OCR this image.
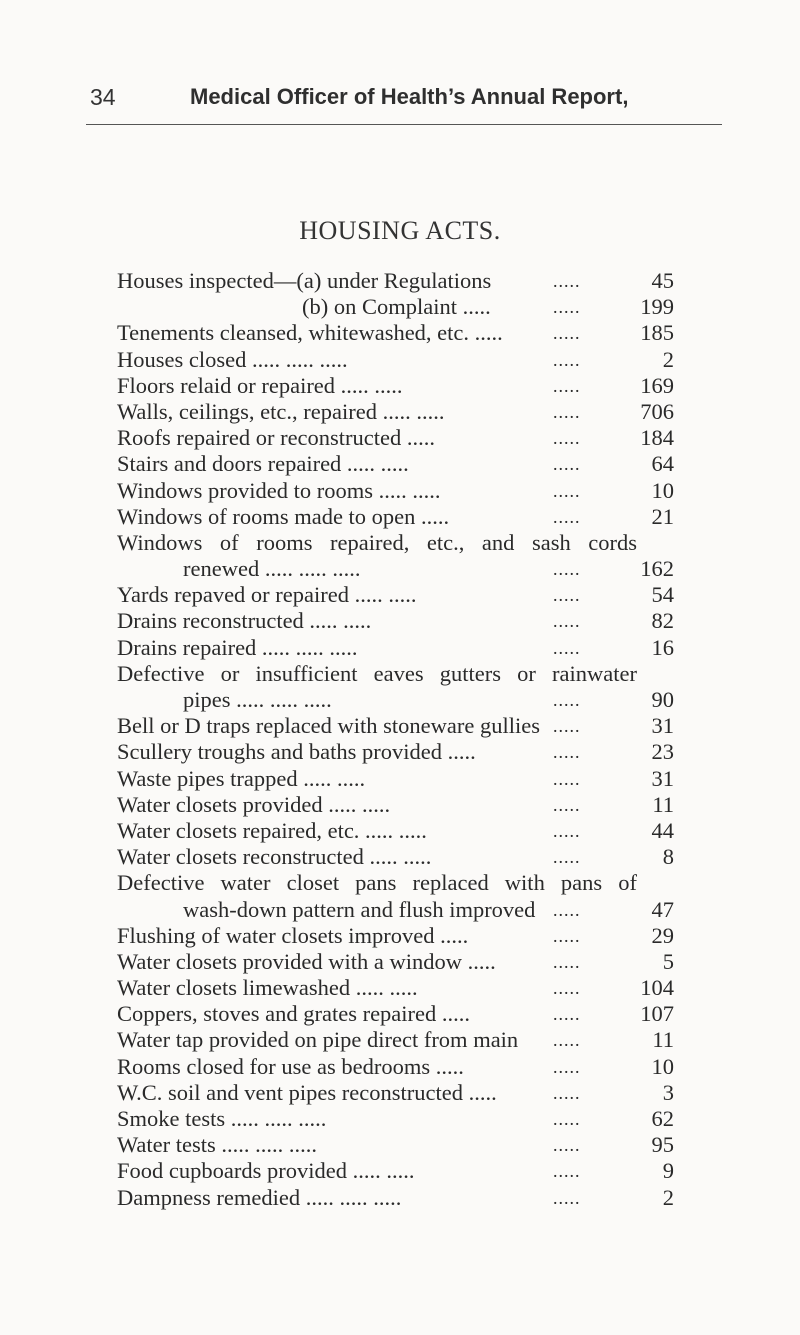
34	Medical Officer of Health’s Annual Report,
HOUSING ACTS.
Houses inspected—(a) under Regulations	.....	45
(b) on Complaint .....	.....	199
Tenements cleansed, whitewashed, etc. .....	.....	185
Houses closed ..... ..... .....	.....	2
Floors relaid or repaired ..... .....	.....	169
Walls, ceilings, etc., repaired ..... .....	.....	706
Roofs repaired or reconstructed .....	.....	184
Stairs and doors repaired ..... .....	.....	64
Windows provided to rooms ..... .....	.....	10
Windows of rooms made to open .....	.....	21
Windows of rooms repaired, etc., and sash cords
renewed ..... ..... .....	.....	162
Yards repaved or repaired ..... .....	.....	54
Drains reconstructed ..... .....	.....	82
Drains repaired ..... ..... .....	.....	16
Defective or insufficient eaves gutters or rainwater
pipes ..... ..... .....	.....	90
Bell or D traps replaced with stoneware gullies .....	31
Scullery troughs and baths provided .....	.....	23
Waste pipes trapped ..... .....	.....	31
Water closets provided ..... .....	.....	11
Water closets repaired, etc. ..... .....	.....	44
Water closets reconstructed ..... .....	.....	8
Defective water closet pans replaced with pans of
wash-down pattern and flush improved .....	47
Flushing of water closets improved .....	.....	29
Water closets provided with a window .....	.....	5
Water closets limewashed ..... .....	.....	104
Coppers, stoves and grates repaired .....	.....	107
Water tap provided on pipe direct from main .....	11
Rooms closed for use as bedrooms .....	.....	10
W.C. soil and vent pipes reconstructed .....	.....	3
Smoke tests ..... ..... .....	.....	62
Water tests ..... ..... .....	.....	95
Food cupboards provided ..... .....	.....	9
Dampness remedied ..... ..... .....	.....	2
